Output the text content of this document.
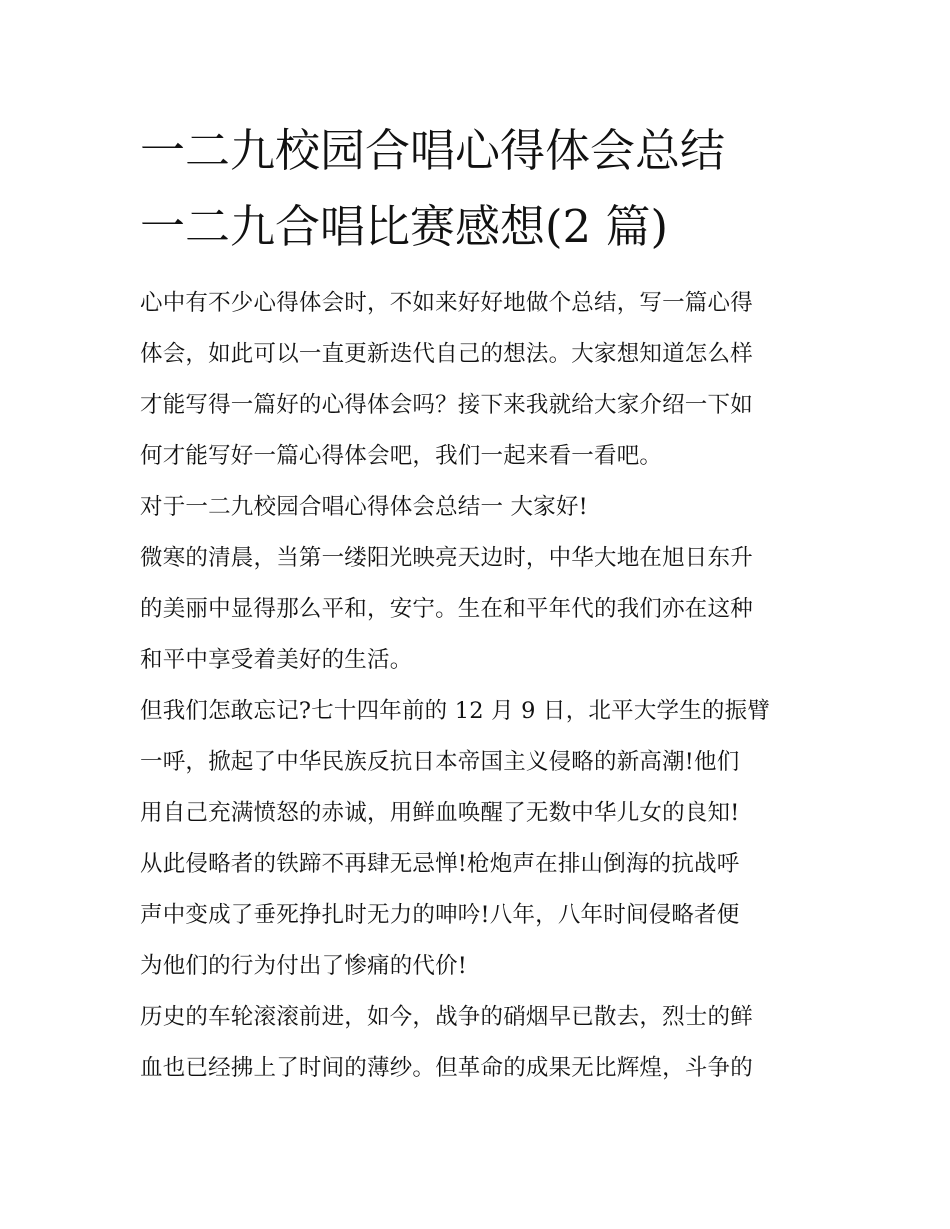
一二九校园合唱心得体会总结
一二九合唱比赛感想(2 篇)
心中有不少心得体会时，不如来好好地做个总结，写一篇心得
体会，如此可以一直更新迭代自己的想法。大家想知道怎么样
才能写得一篇好的心得体会吗？接下来我就给大家介绍一下如
何才能写好一篇心得体会吧，我们一起来看一看吧。
对于一二九校园合唱心得体会总结一 大家好!
微寒的清晨，当第一缕阳光映亮天边时，中华大地在旭日东升
的美丽中显得那么平和，安宁。生在和平年代的我们亦在这种
和平中享受着美好的生活。
但我们怎敢忘记?七十四年前的 12 月 9 日，北平大学生的振臂
一呼，掀起了中华民族反抗日本帝国主义侵略的新高潮!他们
用自己充满愤怒的赤诚，用鲜血唤醒了无数中华儿女的良知!
从此侵略者的铁蹄不再肆无忌惮!枪炮声在排山倒海的抗战呼
声中变成了垂死挣扎时无力的呻吟!八年，八年时间侵略者便
为他们的行为付出了惨痛的代价!
历史的车轮滚滚前进，如今，战争的硝烟早已散去，烈士的鲜
血也已经拂上了时间的薄纱。但革命的成果无比辉煌，斗争的
